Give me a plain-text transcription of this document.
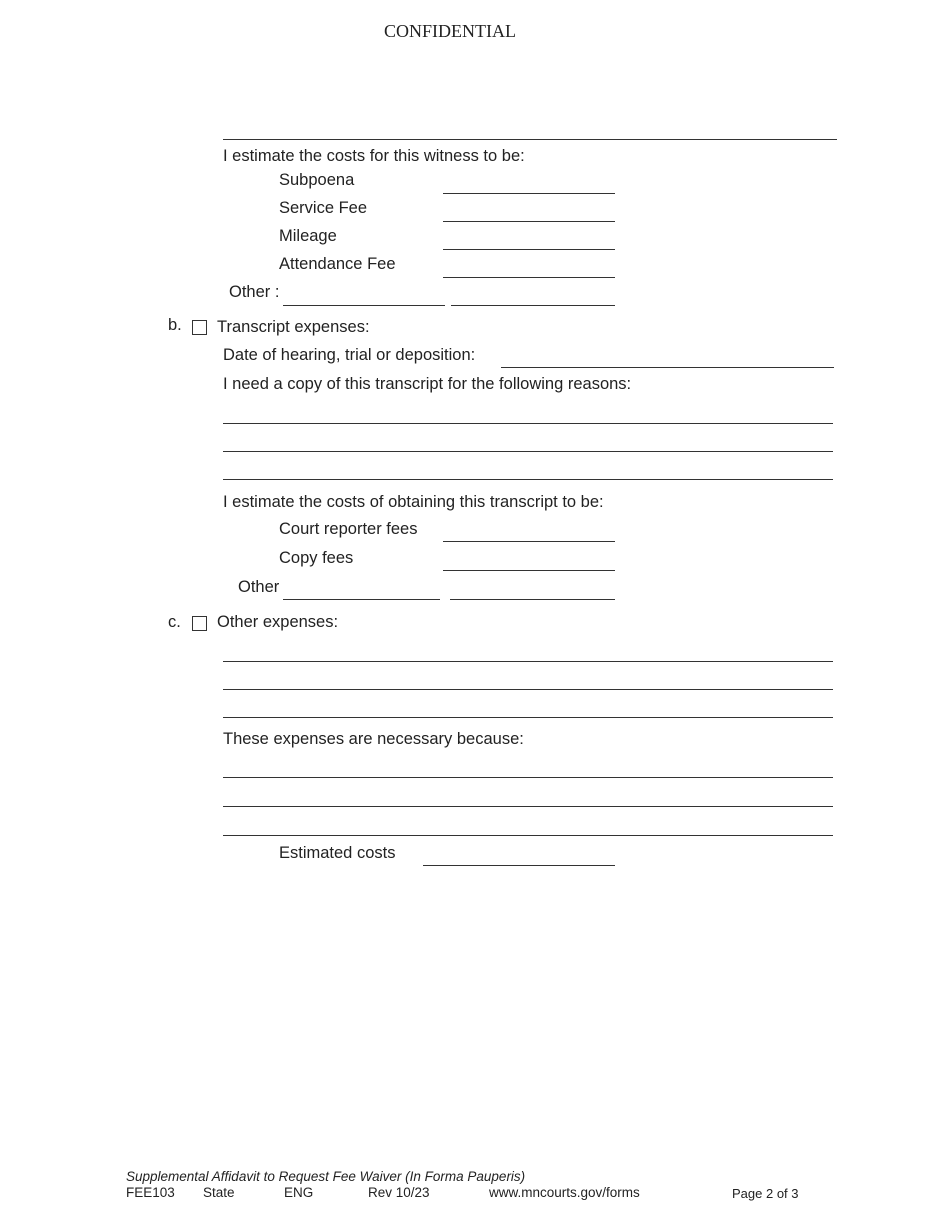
CONFIDENTIAL
I estimate the costs for this witness to be:
Subpoena
Service Fee
Mileage
Attendance Fee
Other :
b. Transcript expenses:
Date of hearing, trial or deposition:
I need a copy of this transcript for the following reasons:
I estimate the costs of obtaining this transcript to be:
Court reporter fees
Copy fees
Other
c. Other expenses:
These expenses are necessary because:
Estimated costs
Supplemental Affidavit to Request Fee Waiver (In Forma Pauperis)
FEE103 State	ENG	Rev 10/23	www.mncourts.gov/forms	Page 2 of 3
